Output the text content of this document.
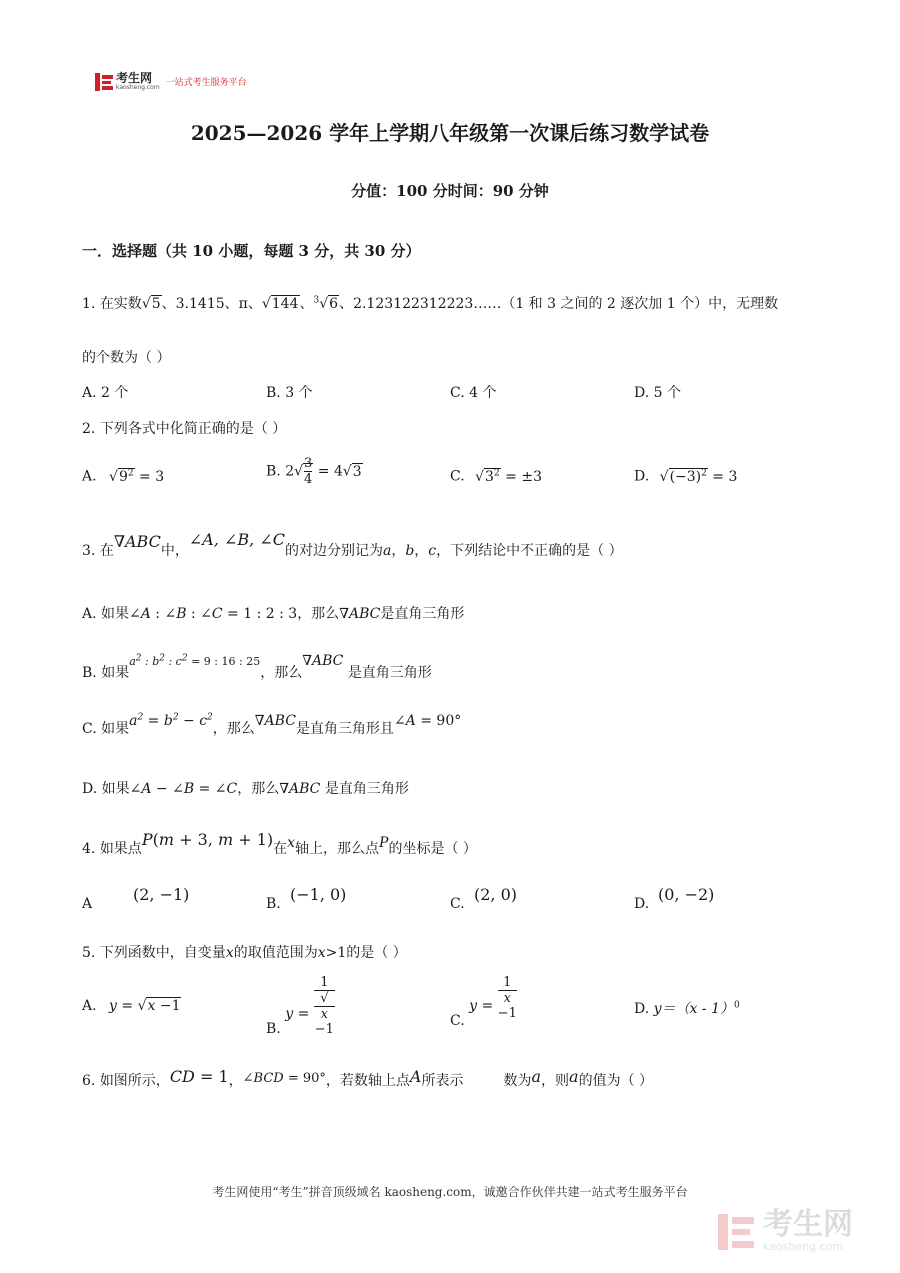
考生网
kaosheng.com 一站式考生服务平台
2025—2026 学年上学期八年级第一次课后练习数学试卷
分值：100 分时间：90 分钟
一．选择题（共 10 小题，每题 3 分，共 30 分）
1. 在实数√5、3.1415、π、√144、$^3$√6、2.123122312223……（1 和 3 之间的 2 逐次加 1 个）中，无理数
的个数为（ ）
A. 2 个	B. 3 个	C. 4 个	D. 5 个
2. 下列各式中化简正确的是（ ）
A. $√9^2 = 3$	B. $2√ \frac{3}{4} = 4√3$	C. $√3^2 = \pm 3$	D. $√(-3)^2 = 3$
3. 在∇ABC中，∠A, ∠B, ∠C的对边分别记为a，b，c，下列结论中不正确的是（ ）
A. 如果∠A : ∠B : ∠C = 1 : 2 : 3，那么∇ABC是直角三角形
B. 如果$^{a^2 : b^2 : c^2 = 9 : 16 : 25}$，那么∇ABC 是直角三角形
C. 如果$a^2 = b^2 - c^2$，那么∇ABC是直角三角形且∠A = 90°
D. 如果∠A − ∠B = ∠C，那么∇ABC 是直角三角形
4. 如果点P(m + 3, m + 1)在x轴上，那么点P的坐标是（ ）
A	(2, −1)	B. (−1, 0)	C. (2, 0)	D. (0, −2)
5. 下列函数中，自变量x的取值范围为x>1的是（ ）
A. y = √x −1
B. y = 1
√
x
−1	C. y = 1
x
−1	D. y＝（x - 1）$^0$
6. 如图所示，CD = 1，∠BCD = 90°，若数轴上点A所表示	数为a，则a的值为（ ）
考生网使用“考生”拼音顶级域名 kaosheng.com，诚邀合作伙伴共建一站式考生服务平台
考生网
kaosheng.com
